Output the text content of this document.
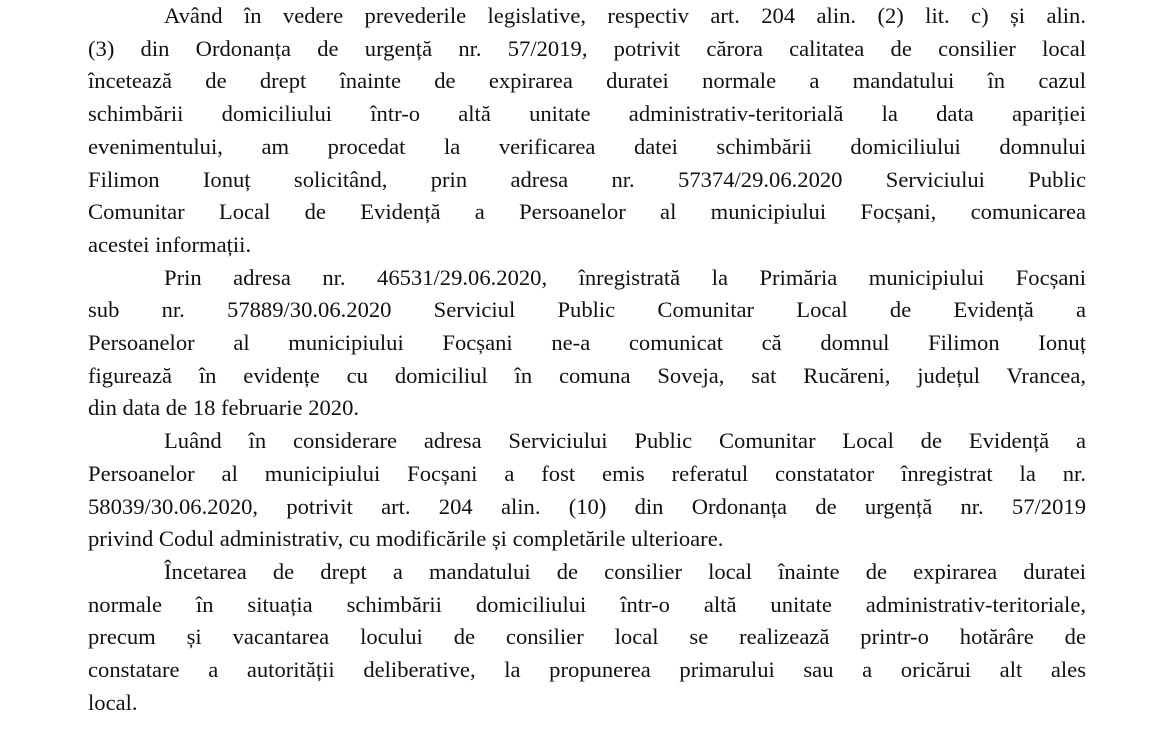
Având în vedere prevederile legislative, respectiv art. 204 alin. (2) lit. c) și alin.
(3) din Ordonanța de urgență nr. 57/2019, potrivit cărora calitatea de consilier local
încetează de drept înainte de expirarea duratei normale a mandatului în cazul
schimbării domiciliului într-o altă unitate administrativ-teritorială la data apariției
evenimentului, am procedat la verificarea datei schimbării domiciliului domnului
Filimon Ionuț solicitând, prin adresa nr. 57374/29.06.2020 Serviciului Public
Comunitar Local de Evidență a Persoanelor al municipiului Focșani, comunicarea
acestei informații.

Prin adresa nr. 46531/29.06.2020, înregistrată la Primăria municipiului Focșani
sub nr. 57889/30.06.2020 Serviciul Public Comunitar Local de Evidență a
Persoanelor al municipiului Focșani ne-a comunicat că domnul Filimon Ionuț
figurează în evidențe cu domiciliul în comuna Soveja, sat Rucăreni, județul Vrancea,
din data de 18 februarie 2020.

Luând în considerare adresa Serviciului Public Comunitar Local de Evidență a
Persoanelor al municipiului Focșani a fost emis referatul constatator înregistrat la nr.
58039/30.06.2020, potrivit art. 204 alin. (10) din Ordonanța de urgență nr. 57/2019
privind Codul administrativ, cu modificările și completările ulterioare.

Încetarea de drept a mandatului de consilier local înainte de expirarea duratei
normale în situația schimbării domiciliului într-o altă unitate administrativ-teritoriale,
precum și vacantarea locului de consilier local se realizează printr-o hotărâre de
constatare a autorității deliberative, la propunerea primarului sau a oricărui alt ales
local.
